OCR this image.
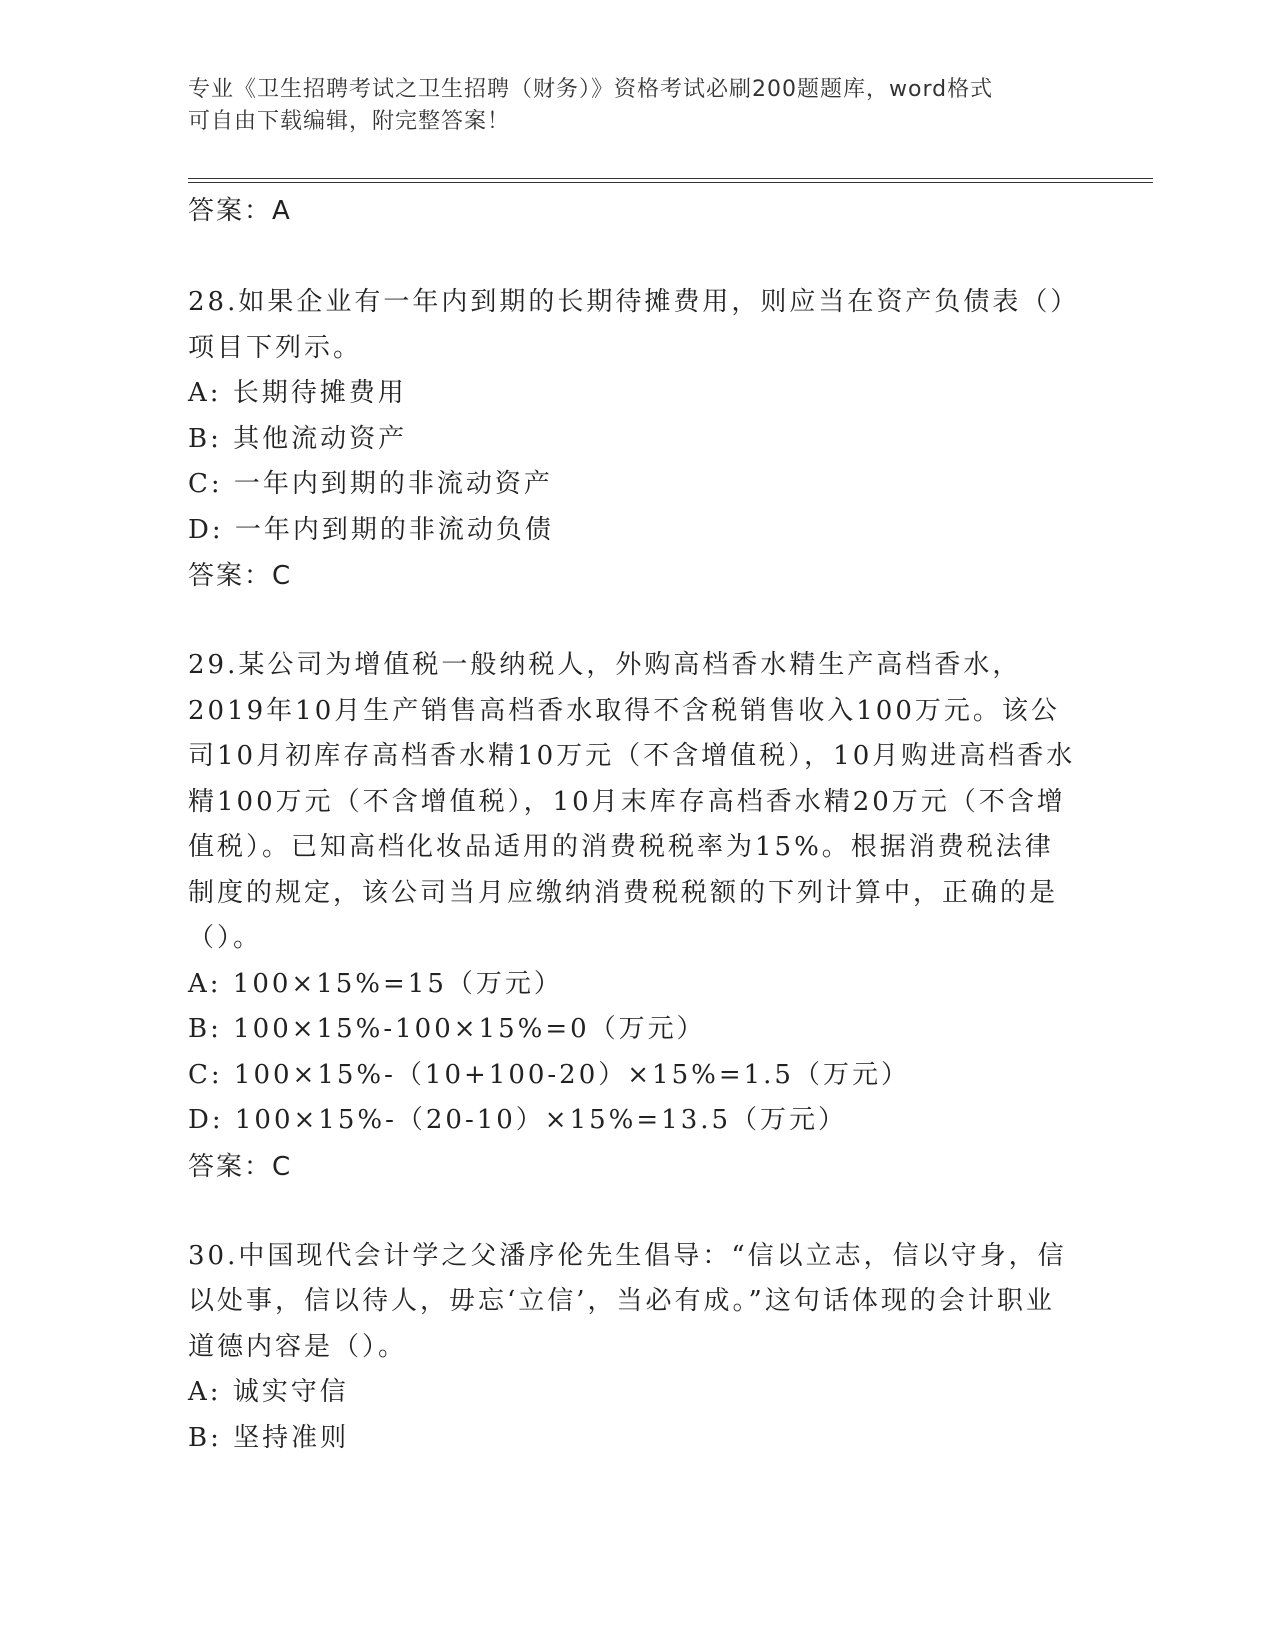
专业《卫生招聘考试之卫生招聘（财务）》资格考试必刷200题题库，word格式
可自由下载编辑，附完整答案！
答案：A

28.如果企业有一年内到期的长期待摊费用，则应当在资产负债表（）项目下列示。

A: 长期待摊费用
B: 其他流动资产
C: 一年内到期的非流动资产
D: 一年内到期的非流动负债
答案：C

29.某公司为增值税一般纳税人，外购高档香水精生产高档香水，2019年10月生产销售高档香水取得不含税销售收入100万元。该公司10月初库存高档香水精10万元（不含增值税），10月购进高档香水精100万元（不含增值税），10月末库存高档香水精20万元（不含增值税）。已知高档化妆品适用的消费税税率为15%。根据消费税法律制度的规定，该公司当月应缴纳消费税税额的下列计算中，正确的是（）。

A: 100×15%=15（万元）
B: 100×15%-100×15%=0（万元）
C: 100×15%-（10+100-20）×15%=1.5（万元）
D: 100×15%-（20-10）×15%=13.5（万元）
答案：C

30.中国现代会计学之父潘序伦先生倡导：“信以立志，信以守身，信以处事，信以待人，毋忘‘立信’，当必有成。”这句话体现的会计职业道德内容是（）。

A: 诚实守信
B: 坚持准则
